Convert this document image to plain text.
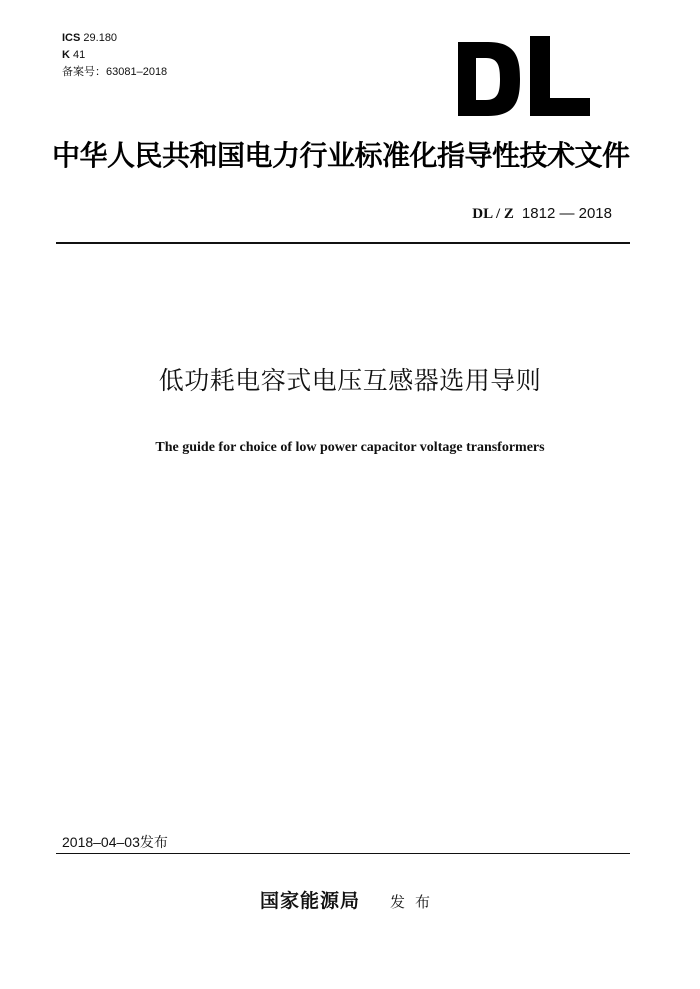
ICS 29.180
K 41
备案号：63081–2018
中华人民共和国电力行业标准化指导性技术文件
DL / Z 1812 — 2018
低功耗电容式电压互感器选用导则
The guide for choice of low power capacitor voltage transformers
2018–04–03发布
国家能源局 发布
